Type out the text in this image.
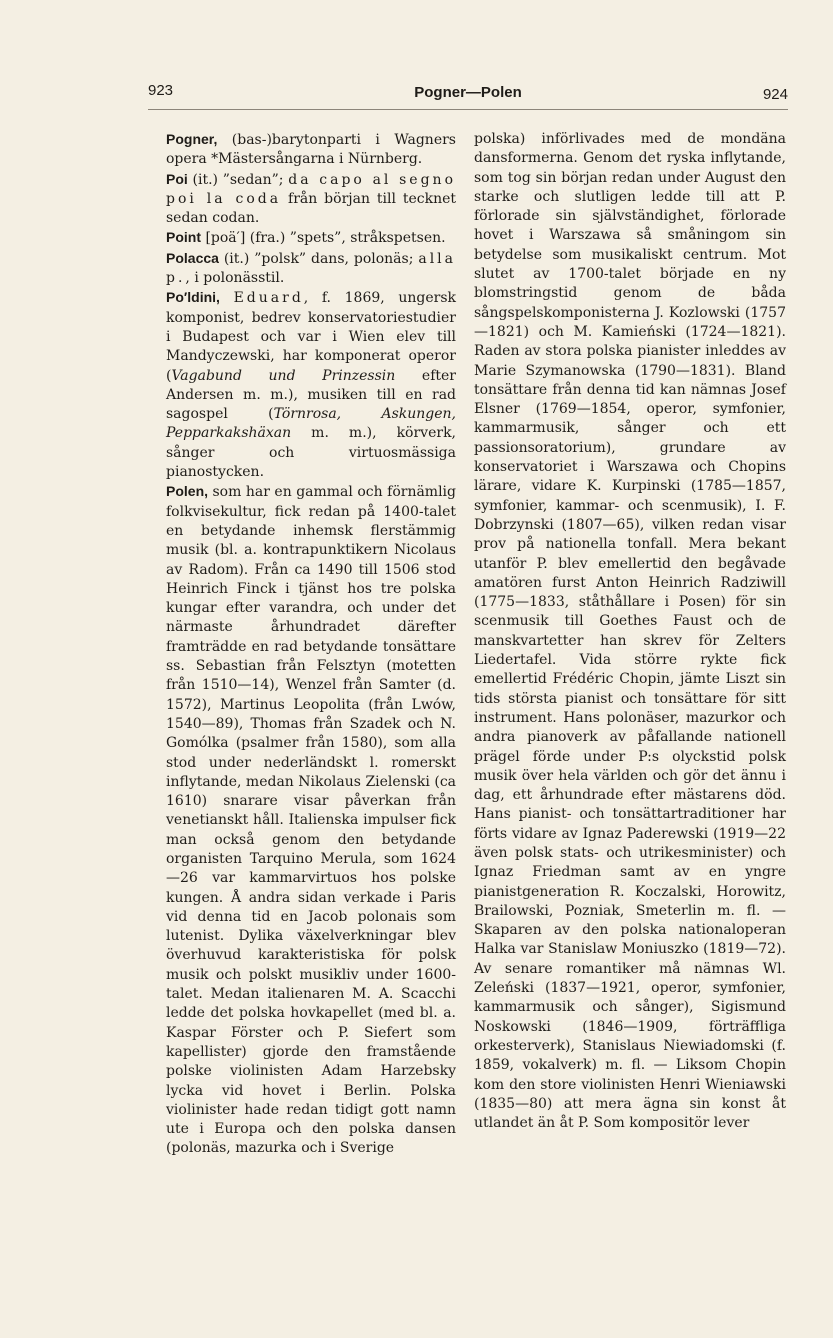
923	Pogner—Polen	924

Pogner, (bas-)barytonparti i Wagners opera *Mästersångarna i Nürnberg.

Poi (it.) ”sedan”; da capo al segno poi la coda från början till tecknet sedan codan.

Point [poä′] (fra.) ”spets”, stråkspetsen.

Polacca (it.) ”polsk” dans, polonäs; alla p., i polonässtil.

Po′ldini, Eduard, f. 1869, ungersk komponist, bedrev konservatoriestudier i Budapest och var i Wien elev till Mandyczewski, har komponerat operor (Vagabund und Prinzessin efter Andersen m. m.), musiken till en rad sagospel (Törnrosa, Askungen, Pepparkakshäxan m. m.), körverk, sånger och virtuosmässiga pianostycken.

Polen, som har en gammal och förnämlig folkvisekultur, fick redan på 1400-talet en betydande inhemsk flerstämmig musik (bl. a. kontrapunktikern Nicolaus av Radom). Från ca 1490 till 1506 stod Heinrich Finck i tjänst hos tre polska kungar efter varandra, och under det närmaste århundradet därefter framträdde en rad betydande tonsättare ss. Sebastian från Felsztyn (motetten från 1510—14), Wenzel från Samter (d. 1572), Martinus Leopolita (från Lwów, 1540—89), Thomas från Szadek och N. Gomólka (psalmer från 1580), som alla stod under nederländskt l. romerskt inflytande, medan Nikolaus Zielenski (ca 1610) snarare visar påverkan från venetianskt håll. Italienska impulser fick man också genom den betydande organisten Tarquino Merula, som 1624—26 var kammarvirtuos hos polske kungen. Å andra sidan verkade i Paris vid denna tid en Jacob polonais som lutenist. Dylika växelverkningar blev överhuvud karakteristiska för polsk musik och polskt musikliv under 1600-talet. Medan italienaren M. A. Scacchi ledde det polska hovkapellet (med bl. a. Kaspar Förster och P. Siefert som kapellister) gjorde den framstående polske violinisten Adam Harzebsky lycka vid hovet i Berlin. Polska violinister hade redan tidigt gott namn ute i Europa och den polska dansen (polonäs, mazurka och i Sverige

polska) införlivades med de mondäna dansformerna. Genom det ryska inflytande, som tog sin början redan under August den starke och slutligen ledde till att P. förlorade sin självständighet, förlorade hovet i Warszawa så småningom sin betydelse som musikaliskt centrum. Mot slutet av 1700-talet började en ny blomstringstid genom de båda sångspelskomponisterna J. Kozlowski (1757—1821) och M. Kamieński (1724—1821). Raden av stora polska pianister inleddes av Marie Szymanowska (1790—1831). Bland tonsättare från denna tid kan nämnas Josef Elsner (1769—1854, operor, symfonier, kammarmusik, sånger och ett passionsoratorium), grundare av konservatoriet i Warszawa och Chopins lärare, vidare K. Kurpinski (1785—1857, symfonier, kammar- och scenmusik), I. F. Dobrzynski (1807—65), vilken redan visar prov på nationella tonfall. Mera bekant utanför P. blev emellertid den begåvade amatören furst Anton Heinrich Radziwill (1775—1833, ståthållare i Posen) för sin scenmusik till Goethes Faust och de manskvartetter han skrev för Zelters Liedertafel. Vida större rykte fick emellertid Frédéric Chopin, jämte Liszt sin tids största pianist och tonsättare för sitt instrument. Hans polonäser, mazurkor och andra pianoverk av påfallande nationell prägel förde under P:s olyckstid polsk musik över hela världen och gör det ännu i dag, ett århundrade efter mästarens död. Hans pianist- och tonsättartraditioner har förts vidare av Ignaz Paderewski (1919—22 även polsk stats- och utrikesminister) och Ignaz Friedman samt av en yngre pianistgeneration R. Koczalski, Horowitz, Brailowski, Pozniak, Smeterlin m. fl. — Skaparen av den polska nationaloperan Halka var Stanislaw Moniuszko (1819—72). Av senare romantiker må nämnas Wl. Zeleński (1837—1921, operor, symfonier, kammarmusik och sånger), Sigismund Noskowski (1846—1909, förträffliga orkesterverk), Stanislaus Niewiadomski (f. 1859, vokalverk) m. fl. — Liksom Chopin kom den store violinisten Henri Wieniawski (1835—80) att mera ägna sin konst åt utlandet än åt P. Som kompositör lever
